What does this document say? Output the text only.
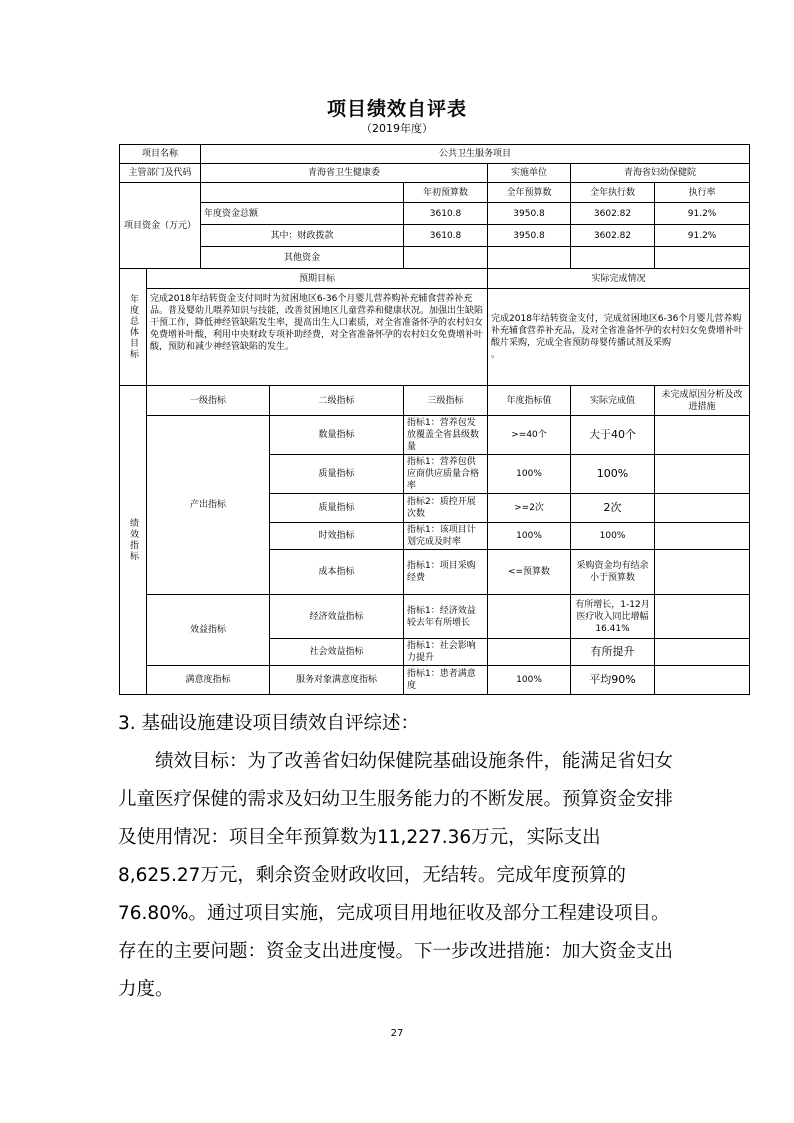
项目绩效自评表
（2019年度）
项目名称		公共卫生服务项目					
主管部门及代码		青海省卫生健康委			实施单位	青海省妇幼保健院	
项目资金（万元）				年初预算数	全年预算数	全年执行数	执行率
		年度资金总额		3610.8	3950.8	3602.82	91.2%
		其中：财政拨款		3610.8	3950.8	3602.82	91.2%
		其他资金					
年度总体目标	预期目标				实际完成情况		
	完成2018年结转资金支付同时为贫困地区6-36个月婴儿营养购补充辅食营养补充品。普及婴幼儿喂养知识与技能，改善贫困地区儿童营养和健康状况。加强出生缺陷干预工作，降低神经管缺陷发生率，提高出生人口素质，对全省准备怀孕的农村妇女免费增补叶酸，利用中央财政专项补助经费，对全省准备怀孕的农村妇女免费增补叶酸，预防和减少神经管缺陷的发生。				完成2018年结转资金支付，完成贫困地区6-36个月婴儿营养购补充辅食营养补充品，及对全省准备怀孕的农村妇女免费增补叶酸片采购，完成全省预防母婴传播试剂及采购
。		
绩效指标	一级指标		二级指标	三级指标	年度指标值	实际完成值	未完成原因分析及改进措施
	产出指标		数量指标	指标1：营养包发放覆盖全省县级数量	>=40个	大于40个	
			质量指标	指标1：营养包供应商供应质量合格率	100%	100%	
			质量指标	指标2：质控开展次数	>=2次	2次	
			时效指标	指标1：该项目计划完成及时率	100%	100%	
			成本指标	指标1：项目采购经费	<=预算数	采购资金均有结余小于预算数	
	效益指标		经济效益指标	指标1：经济效益较去年有所增长		有所增长，1-12月医疗收入同比增幅16.41%	
			社会效益指标	指标1：社会影响力提升		有所提升	
	满意度指标		服务对象满意度指标	指标1：患者满意度	100%	平均90%	

3. 基础设施建设项目绩效自评综述：

绩效目标：为了改善省妇幼保健院基础设施条件，能满足省妇女儿童医疗保健的需求及妇幼卫生服务能力的不断发展。预算资金安排及使用情况：项目全年预算数为11,227.36万元，实际支出8,625.27万元，剩余资金财政收回，无结转。完成年度预算的76.80%。通过项目实施，完成项目用地征收及部分工程建设项目。存在的主要问题：资金支出进度慢。下一步改进措施：加大资金支出力度。

27
